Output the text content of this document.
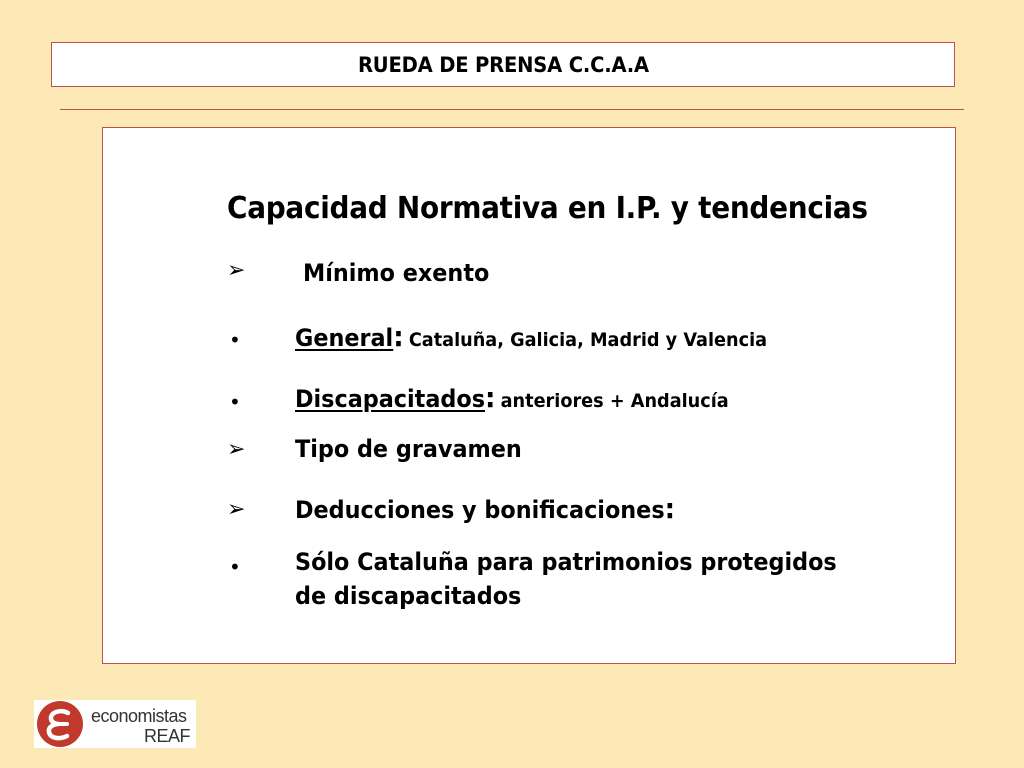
RUEDA DE PRENSA C.C.A.A
Capacidad Normativa en I.P. y tendencias
➢ Mínimo exento
• General: Cataluña, Galicia, Madrid y Valencia
• Discapacitados: anteriores + Andalucía
➢ Tipo de gravamen
➢ Deducciones y bonificaciones:
• Sólo Cataluña para patrimonios protegidos
de discapacitados
economistas
REAF
